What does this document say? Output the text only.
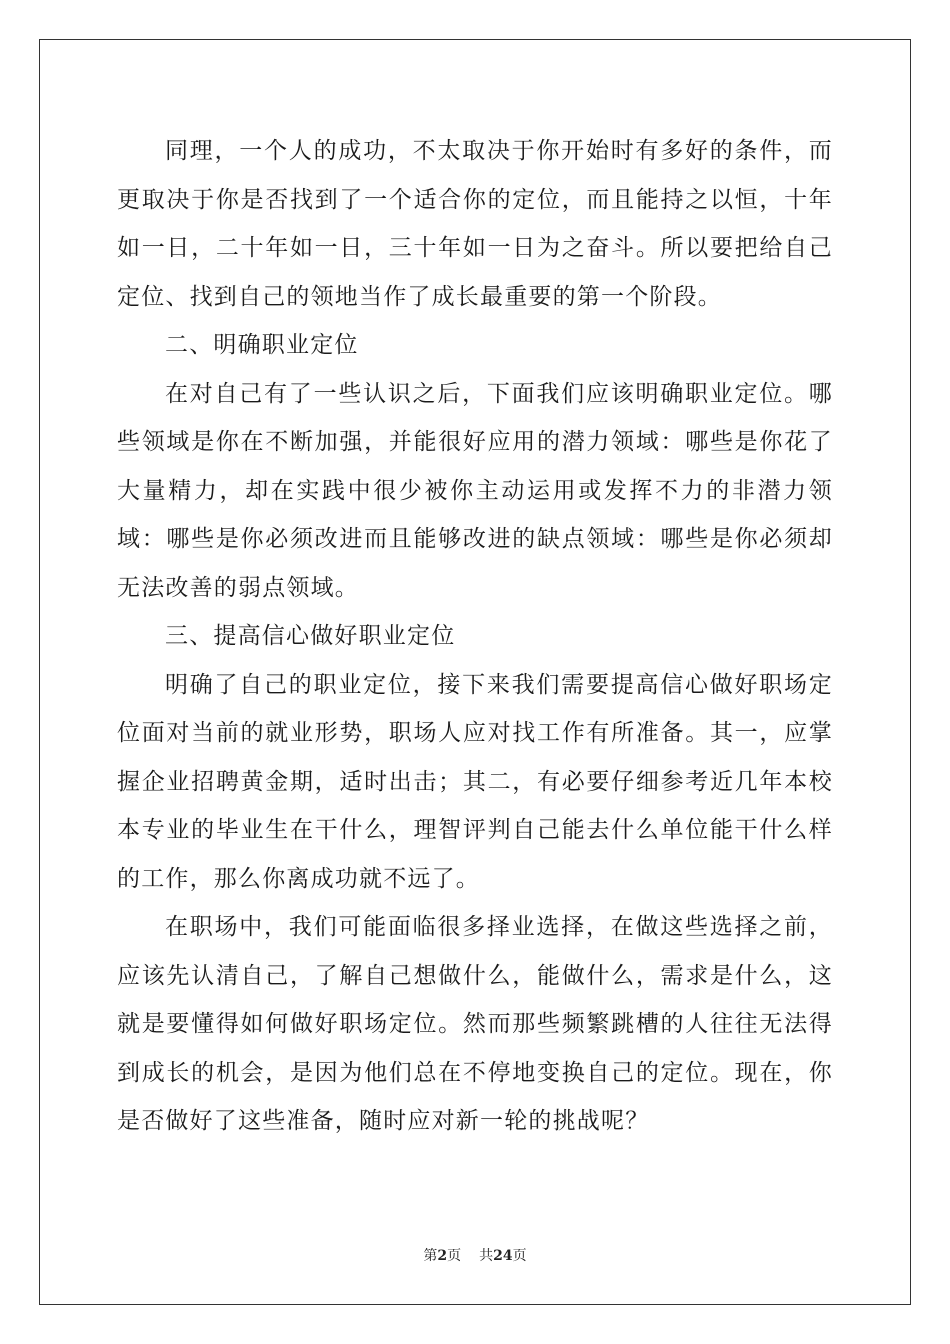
同理，一个人的成功，不太取决于你开始时有多好的条件，而更取决于你是否找到了一个适合你的定位，而且能持之以恒，十年如一日，二十年如一日，三十年如一日为之奋斗。所以要把给自己定位、找到自己的领地当作了成长最重要的第一个阶段。

二、明确职业定位

在对自己有了一些认识之后，下面我们应该明确职业定位。哪些领域是你在不断加强，并能很好应用的潜力领域：哪些是你花了大量精力，却在实践中很少被你主动运用或发挥不力的非潜力领域：哪些是你必须改进而且能够改进的缺点领域：哪些是你必须却无法改善的弱点领域。

三、提高信心做好职业定位

明确了自己的职业定位，接下来我们需要提高信心做好职场定位面对当前的就业形势，职场人应对找工作有所准备。其一，应掌握企业招聘黄金期，适时出击；其二，有必要仔细参考近几年本校本专业的毕业生在干什么，理智评判自己能去什么单位能干什么样的工作，那么你离成功就不远了。

在职场中，我们可能面临很多择业选择，在做这些选择之前，应该先认清自己，了解自己想做什么，能做什么，需求是什么，这就是要懂得如何做好职场定位。然而那些频繁跳槽的人往往无法得到成长的机会，是因为他们总在不停地变换自己的定位。现在，你是否做好了这些准备，随时应对新一轮的挑战呢？

第2页 共24页
